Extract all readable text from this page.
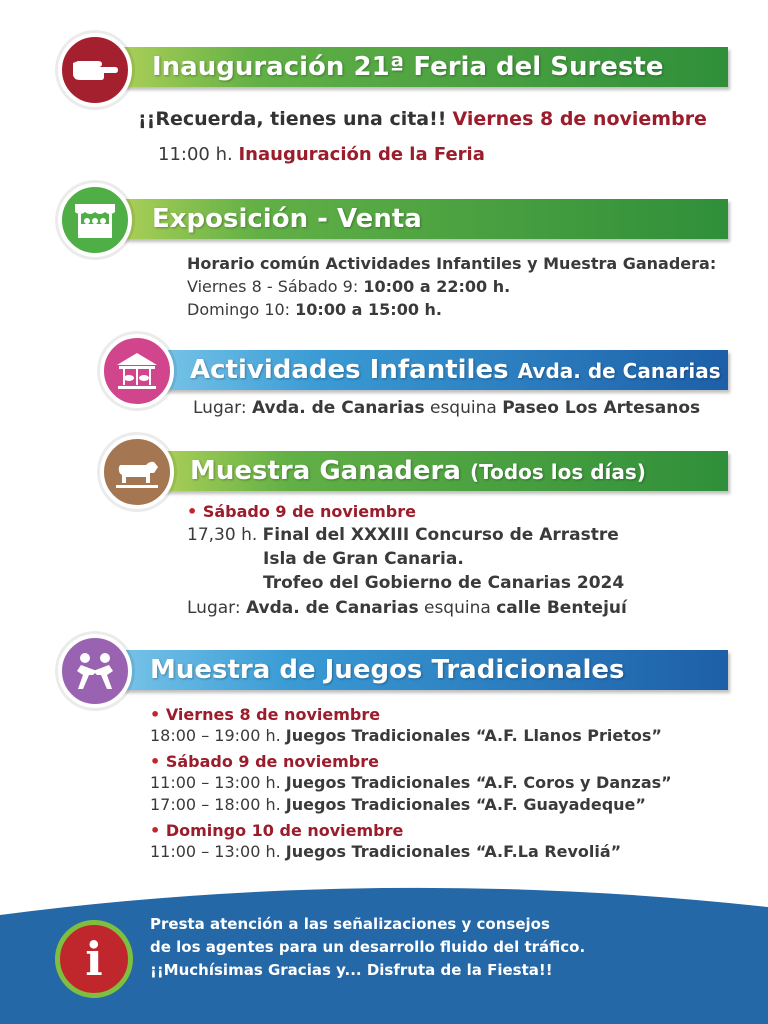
Inauguración 21ª Feria del Sureste
¡¡Recuerda, tienes una cita!! Viernes 8 de noviembre
11:00 h. Inauguración de la Feria
Exposición - Venta
Horario común Actividades Infantiles y Muestra Ganadera:
Viernes 8 - Sábado 9: 10:00 a 22:00 h.
Domingo 10: 10:00 a 15:00 h.
Actividades Infantiles Avda. de Canarias
Lugar: Avda. de Canarias esquina Paseo Los Artesanos
Muestra Ganadera (Todos los días)
• Sábado 9 de noviembre
17,30 h. Final del XXXIII Concurso de Arrastre
Isla de Gran Canaria.
Trofeo del Gobierno de Canarias 2024
Lugar: Avda. de Canarias esquina calle Bentejuí
Muestra de Juegos Tradicionales
• Viernes 8 de noviembre
18:00 – 19:00 h. Juegos Tradicionales “A.F. Llanos Prietos”
• Sábado 9 de noviembre
11:00 – 13:00 h. Juegos Tradicionales “A.F. Coros y Danzas”
17:00 – 18:00 h. Juegos Tradicionales “A.F. Guayadeque”
• Domingo 10 de noviembre
11:00 – 13:00 h. Juegos Tradicionales “A.F.La Revoliá”
i
Presta atención a las señalizaciones y consejos
de los agentes para un desarrollo fluido del tráfico.
¡¡Muchísimas Gracias y... Disfruta de la Fiesta!!
